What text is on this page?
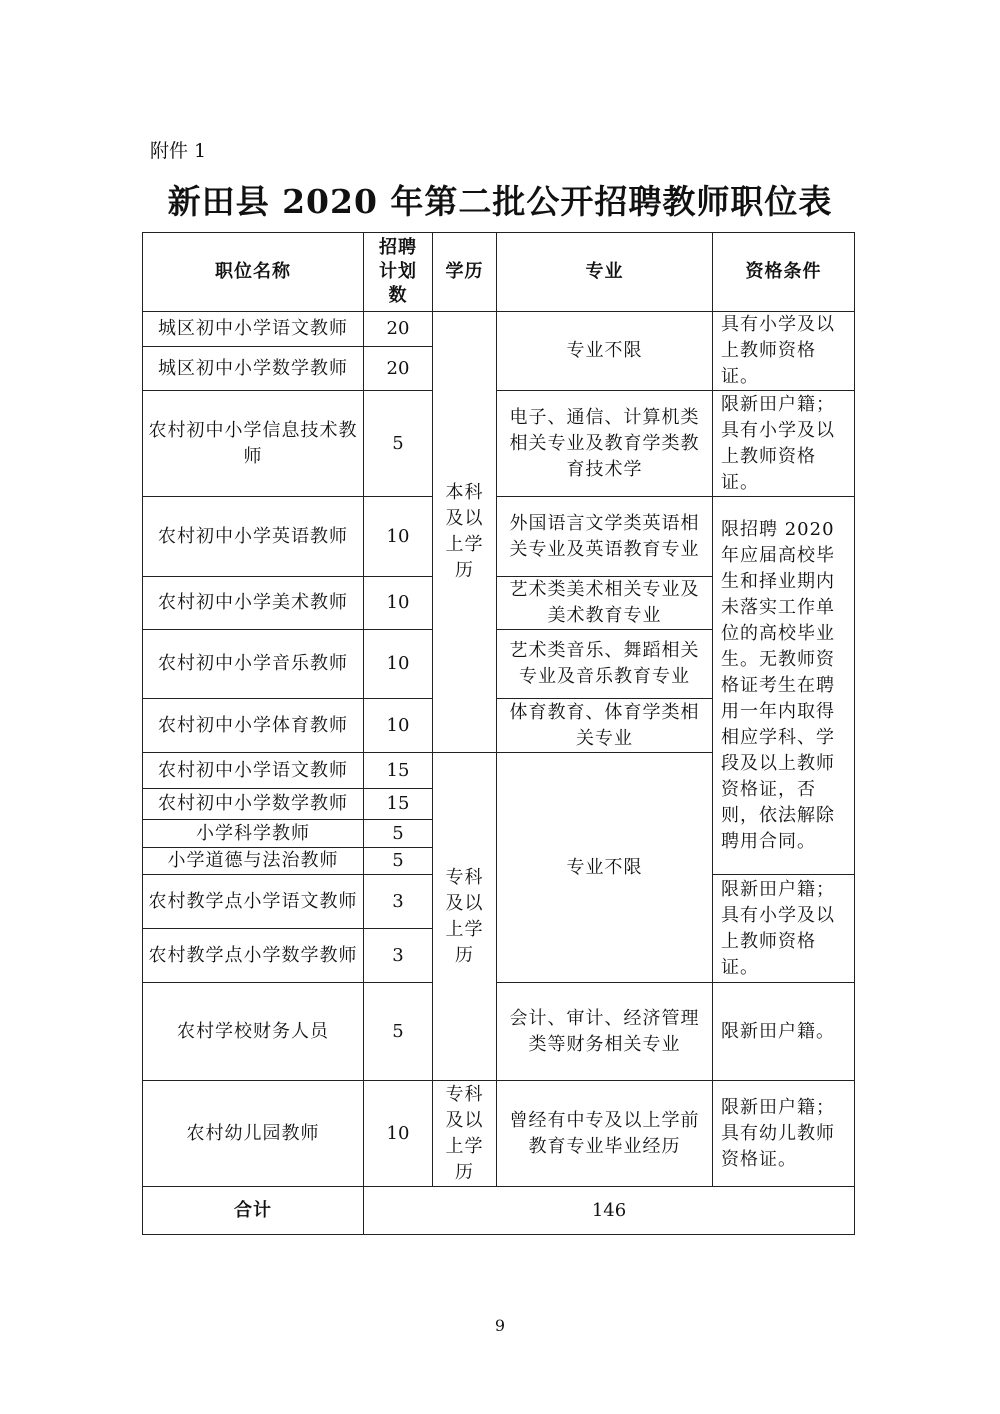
附件 1
新田县 2020 年第二批公开招聘教师职位表
职位名称	招聘计划数	学历	专业	资格条件
城区初中小学语文教师	20	本科及以上学历	专业不限	具有小学及以上教师资格证。
城区初中小学数学教师	20			
农村初中小学信息技术教师	5		电子、通信、计算机类相关专业及教育学类教育技术学	限新田户籍；具有小学及以上教师资格证。
农村初中小学英语教师	10		外国语言文学类英语相关专业及英语教育专业	限招聘 2020 年应届高校毕生和择业期内未落实工作单位的高校毕业生。无教师资格证考生在聘用一年内取得相应学科、学段及以上教师资格证，否则，依法解除聘用合同。
农村初中小学美术教师	10		艺术类美术相关专业及美术教育专业	
农村初中小学音乐教师	10		艺术类音乐、舞蹈相关专业及音乐教育专业	
农村初中小学体育教师	10		体育教育、体育学类相关专业	
农村初中小学语文教师	15	专科及以上学历	专业不限	
农村初中小学数学教师	15			
小学科学教师	5			
小学道德与法治教师	5			
农村教学点小学语文教师	3			限新田户籍；具有小学及以上教师资格证。
农村教学点小学数学教师	3			
农村学校财务人员	5		会计、审计、经济管理类等财务相关专业	限新田户籍。
农村幼儿园教师	10	专科及以上学历	曾经有中专及以上学前教育专业毕业经历	限新田户籍；具有幼儿教师资格证。
合计	146			
9
